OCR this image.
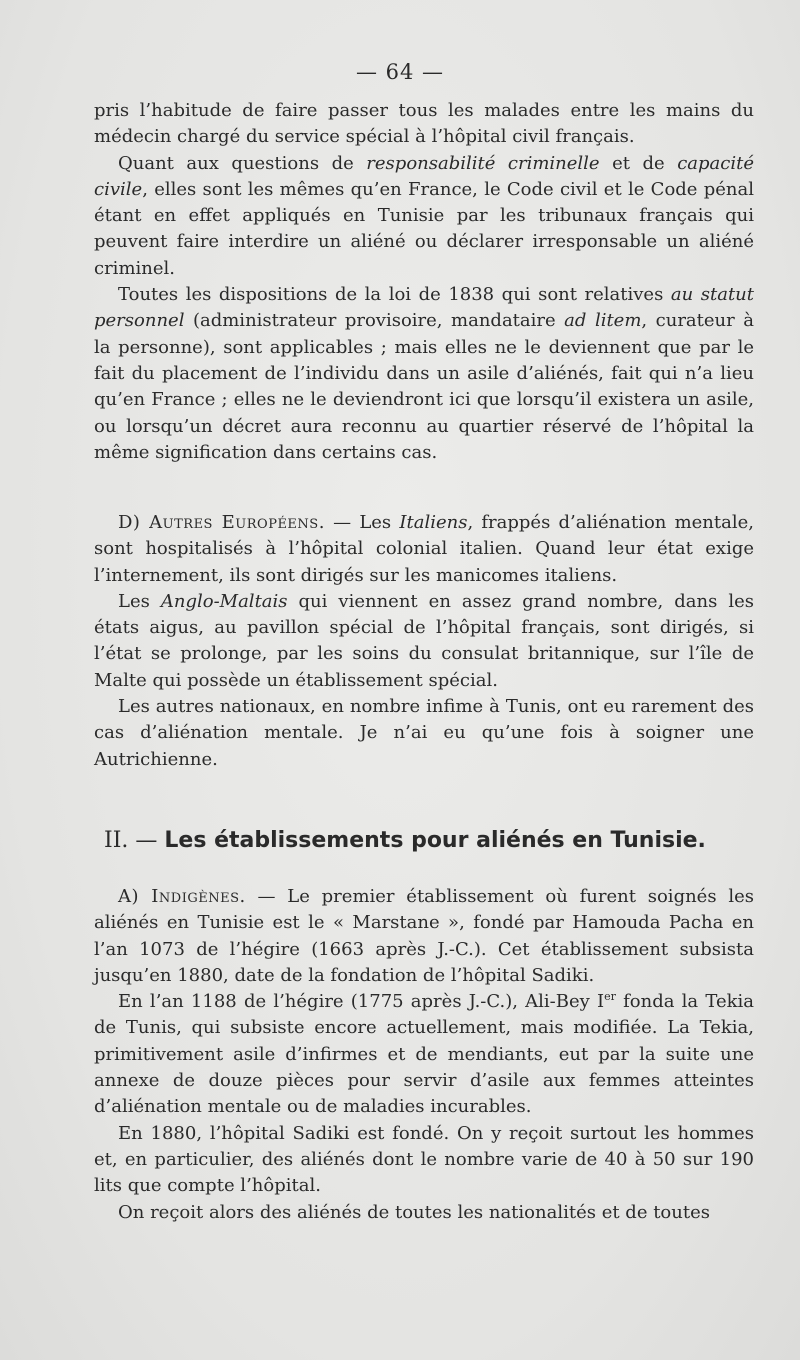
— 64 —

pris l’habitude de faire passer tous les malades entre les mains du médecin chargé du service spécial à l’hôpital civil français.

Quant aux questions de responsabilité criminelle et de capacité civile, elles sont les mêmes qu’en France, le Code civil et le Code pénal étant en effet appliqués en Tunisie par les tribunaux français qui peuvent faire interdire un aliéné ou déclarer irresponsable un aliéné criminel.

Toutes les dispositions de la loi de 1838 qui sont relatives au statut personnel (administrateur provisoire, mandataire ad litem, curateur à la personne), sont applicables ; mais elles ne le deviennent que par le fait du placement de l’individu dans un asile d’aliénés, fait qui n’a lieu qu’en France ; elles ne le deviendront ici que lorsqu’il existera un asile, ou lorsqu’un décret aura reconnu au quartier réservé de l’hôpital la même signification dans certains cas.

D) Autres Européens. — Les Italiens, frappés d’aliénation mentale, sont hospitalisés à l’hôpital colonial italien. Quand leur état exige l’internement, ils sont dirigés sur les manicomes italiens.

Les Anglo-Maltais qui viennent en assez grand nombre, dans les états aigus, au pavillon spécial de l’hôpital français, sont dirigés, si l’état se prolonge, par les soins du consulat britannique, sur l’île de Malte qui possède un établissement spécial.

Les autres nationaux, en nombre infime à Tunis, ont eu rarement des cas d’aliénation mentale. Je n’ai eu qu’une fois à soigner une Autrichienne.

II. — Les établissements pour aliénés en Tunisie.

A) Indigènes. — Le premier établissement où furent soignés les aliénés en Tunisie est le « Marstane », fondé par Hamouda Pacha en l’an 1073 de l’hégire (1663 après J.-C.). Cet établissement subsista jusqu’en 1880, date de la fondation de l’hôpital Sadiki.

En l’an 1188 de l’hégire (1775 après J.-C.), Ali-Bey Ier fonda la Tekia de Tunis, qui subsiste encore actuellement, mais modifiée. La Tekia, primitivement asile d’infirmes et de mendiants, eut par la suite une annexe de douze pièces pour servir d’asile aux femmes atteintes d’aliénation mentale ou de maladies incurables.

En 1880, l’hôpital Sadiki est fondé. On y reçoit surtout les hommes et, en particulier, des aliénés dont le nombre varie de 40 à 50 sur 190 lits que compte l’hôpital.

On reçoit alors des aliénés de toutes les nationalités et de toutes
